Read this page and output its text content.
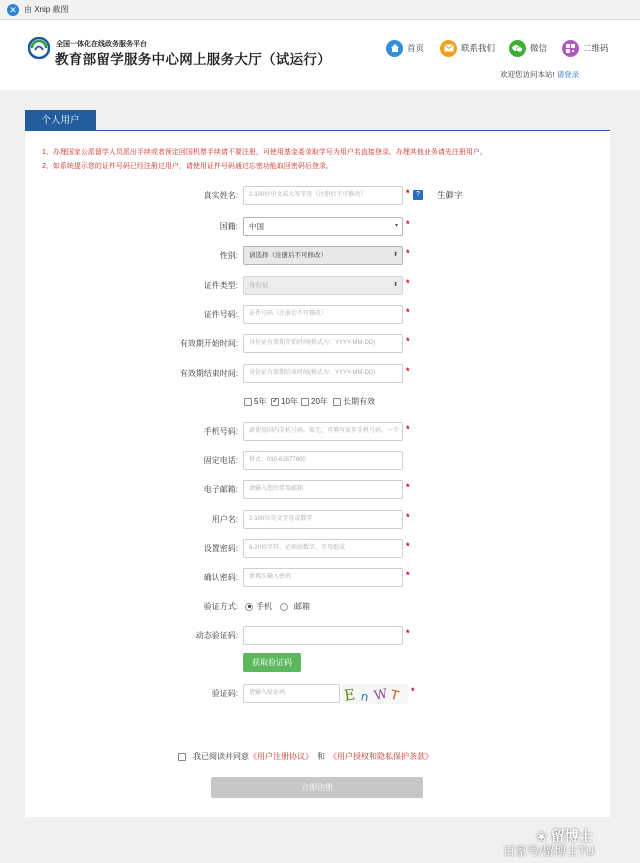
✕ 由 Xnip 截图
全国一体化在线政务服务平台
教育部留学服务中心网上服务大厅（试运行）
首页	联系我们	微信	二维码
欢迎您访问本站! 请登录
个人用户
1、办理国家公派留学人员派出手续或者预定回国机票手续请不要注册，可使用基金委录取学号为用户名直接登录。办理其他业务请先注册用户。
2、如系统提示您的证件号码已经注册过用户，请使用证件号码通过忘密功能取回密码后登录。
真实姓名:	2-100位中文或大写字母（注册后不可修改）	* ?	生僻字
国籍:	中国	▾ *
性别:	请选择（注册后不可修改）	⬍ *
证件类型:	身份证	⬍ *
证件号码:	证件号码（注册后不可修改）	*
有效期开始时间:	身份证有效期开始时间(格式为：YYYY-MM-DD)	*
有效期结束时间:	身份证有效期结束时间(格式为：YYYY-MM-DD)	*
5年
✓ 10年 20年 长期有效
手机号码:	请使用国内手机号码。如无，可填写家乡手机号码，一个 *
固定电话:	格式：010-62877600
电子邮箱:	请输入您的常用邮箱	*
用户名:	2-100位英文字母或数字	*
设置密码:	6-20位字符，必须由数字、字母组成	*
确认密码:	请再次输入密码	*
验证方式: 手机	邮箱
动态验证码:	*
获取验证码
验证码:	请输入验证码	E n W T *
我已阅读并同意 《用户注册协议》 和 《用户授权和隐私保护条款》
立即注册
❀ 留博士
百家号/留博士TU
